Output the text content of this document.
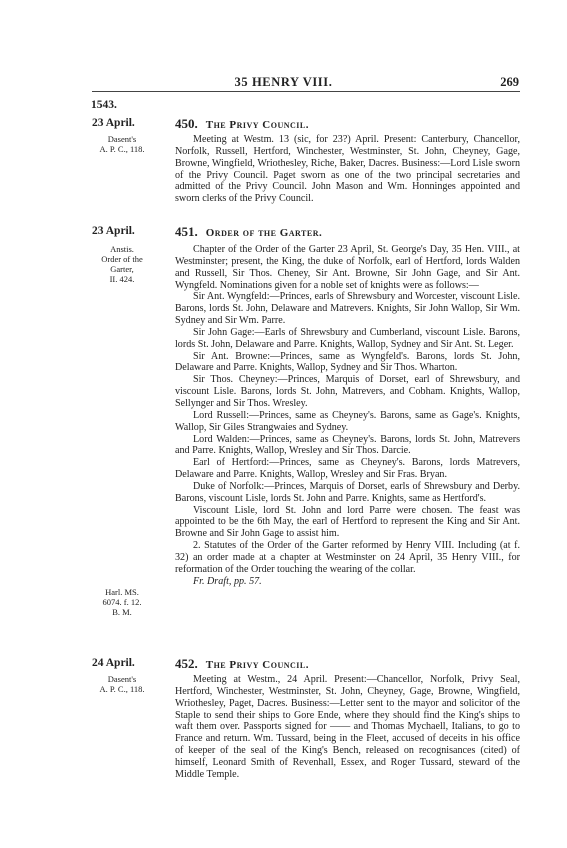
35 HENRY VIII.	269
1543.
23 April.	450. The Privy Council.
Dasent's
A. P. C., 118.

Meeting at Westm. 13 (sic, for 23?) April. Present: Canterbury, Chancellor, Norfolk, Russell, Hertford, Winchester, Westminster, St. John, Cheyney, Gage, Browne, Wingfield, Wriothesley, Riche, Baker, Dacres. Business:—Lord Lisle sworn of the Privy Council. Paget sworn as one of the two principal secretaries and admitted of the Privy Council. John Mason and Wm. Honninges appointed and sworn clerks of the Privy Council.

23 April.	451. Order of the Garter.
Anstis.
Order of the
Garter,
II. 424.
Harl. MS.
6074. f. 12.
B. M.

Chapter of the Order of the Garter 23 April, St. George's Day, 35 Hen. VIII., at Westminster; present, the King, the duke of Norfolk, earl of Hertford, lords Walden and Russell, Sir Thos. Cheney, Sir Ant. Browne, Sir John Gage, and Sir Ant. Wyngfeld. Nominations given for a noble set of knights were as follows:—

Sir Ant. Wyngfeld:—Princes, earls of Shrewsbury and Worcester, viscount Lisle. Barons, lords St. John, Delaware and Matrevers. Knights, Sir John Wallop, Sir Wm. Sydney and Sir Wm. Parre.

Sir John Gage:—Earls of Shrewsbury and Cumberland, viscount Lisle. Barons, lords St. John, Delaware and Parre. Knights, Wallop, Sydney and Sir Ant. St. Leger.

Sir Ant. Browne:—Princes, same as Wyngfeld's. Barons, lords St. John, Delaware and Parre. Knights, Wallop, Sydney and Sir Thos. Wharton.

Sir Thos. Cheyney:—Princes, Marquis of Dorset, earl of Shrewsbury, and viscount Lisle. Barons, lords St. John, Matrevers, and Cobham. Knights, Wallop, Sellynger and Sir Thos. Wresley.

Lord Russell:—Princes, same as Cheyney's. Barons, same as Gage's. Knights, Wallop, Sir Giles Strangwaies and Sydney.

Lord Walden:—Princes, same as Cheyney's. Barons, lords St. John, Matrevers and Parre. Knights, Wallop, Wresley and Sir Thos. Darcie.

Earl of Hertford:—Princes, same as Cheyney's. Barons, lords Matrevers, Delaware and Parre. Knights, Wallop, Wresley and Sir Fras. Bryan.

Duke of Norfolk:—Princes, Marquis of Dorset, earls of Shrewsbury and Derby. Barons, viscount Lisle, lords St. John and Parre. Knights, same as Hertford's.

Viscount Lisle, lord St. John and lord Parre were chosen. The feast was appointed to be the 6th May, the earl of Hertford to represent the King and Sir Ant. Browne and Sir John Gage to assist him.

2. Statutes of the Order of the Garter reformed by Henry VIII. Including (at f. 32) an order made at a chapter at Westminster on 24 April, 35 Henry VIII., for reformation of the Order touching the wearing of the collar.

Fr. Draft, pp. 57.

24 April.	452. The Privy Council.
Dasent's
A. P. C., 118.

Meeting at Westm., 24 April. Present:—Chancellor, Norfolk, Privy Seal, Hertford, Winchester, Westminster, St. John, Cheyney, Gage, Browne, Wingfield, Wriothesley, Paget, Dacres. Business:—Letter sent to the mayor and solicitor of the Staple to send their ships to Gore Ende, where they should find the King's ships to waft them over. Passports signed for —— and Thomas Mychaell, Italians, to go to France and return. Wm. Tussard, being in the Fleet, accused of deceits in his office of keeper of the seal of the King's Bench, released on recognisances (cited) of himself, Leonard Smith of Revenhall, Essex, and Roger Tussard, steward of the Middle Temple.
